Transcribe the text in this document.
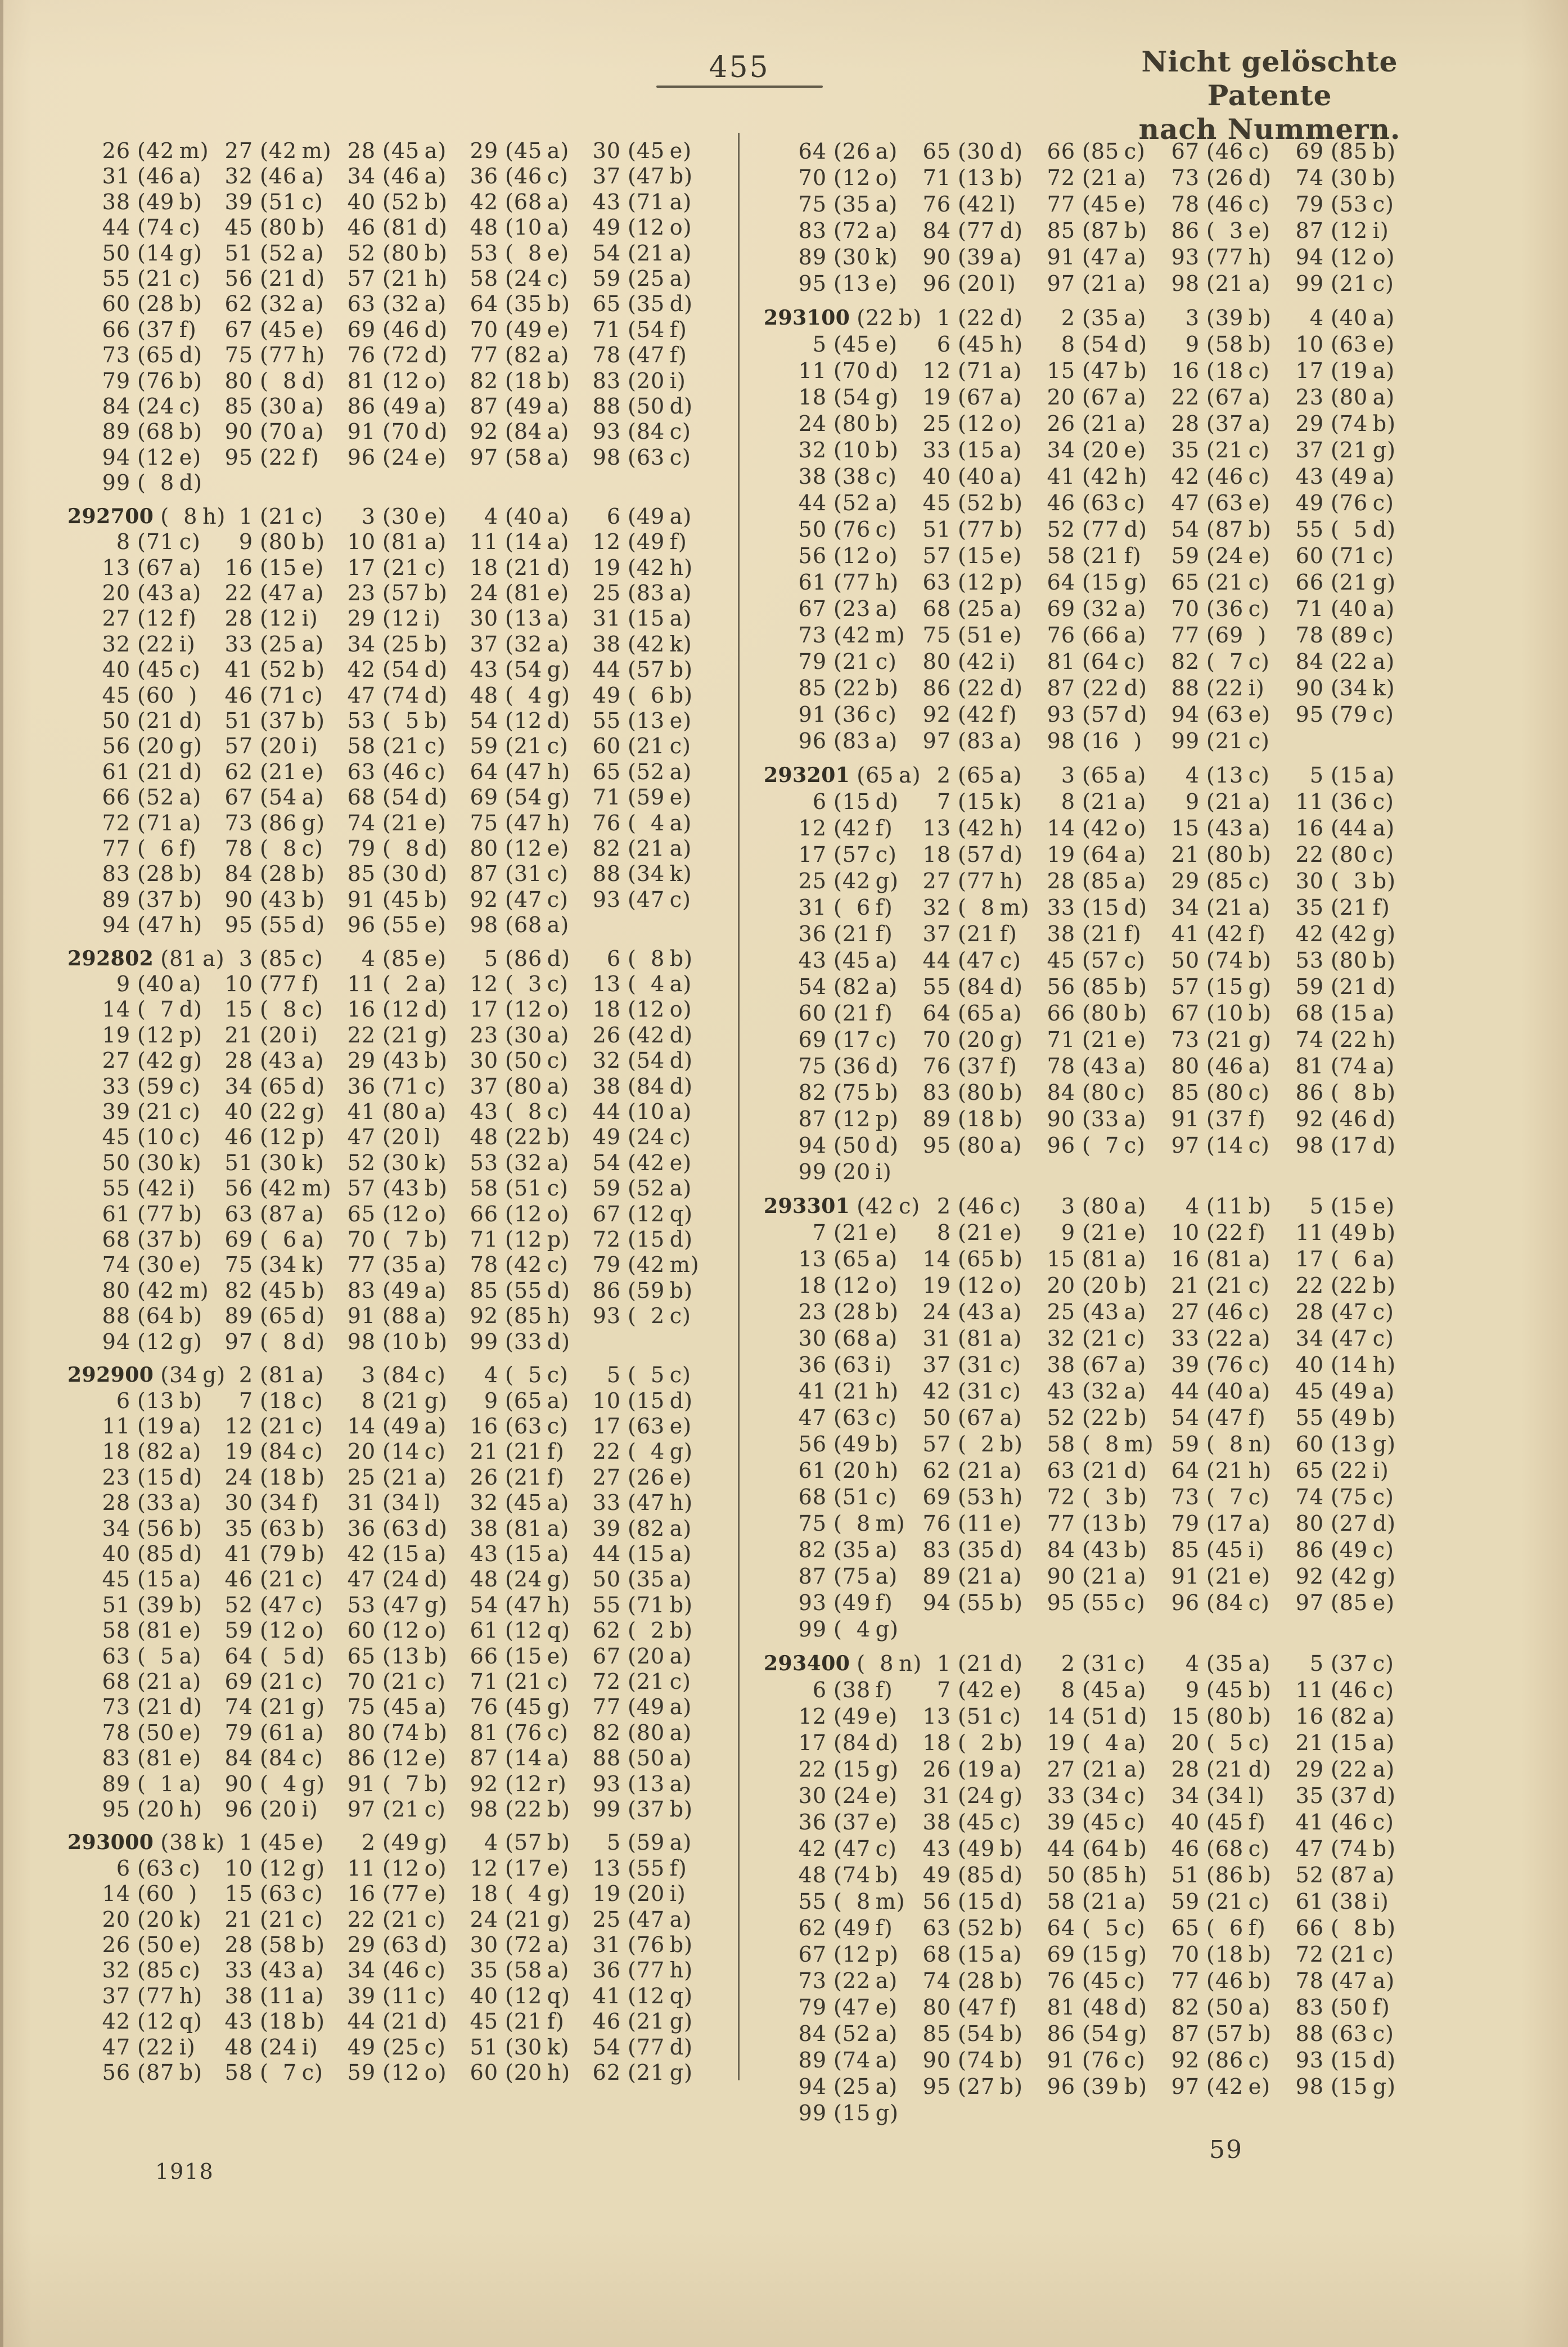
455	Nicht gelöschte Patente
nach Nummern.
26 (42 m) 27 (42 m) 28 (45 a) 29 (45 a) 30 (45 e)
31 (46 a) 32 (46 a) 34 (46 a) 36 (46 c) 37 (47 b)
38 (49 b) 39 (51 c) 40 (52 b) 42 (68 a) 43 (71 a)
44 (74 c) 45 (80 b) 46 (81 d) 48 (10 a) 49 (12 o)
50 (14 g) 51 (52 a) 52 (80 b) 53 ( 8 e) 54 (21 a)
55 (21 c) 56 (21 d) 57 (21 h) 58 (24 c) 59 (25 a)
60 (28 b) 62 (32 a) 63 (32 a) 64 (35 b) 65 (35 d)
66 (37 f) 67 (45 e) 69 (46 d) 70 (49 e) 71 (54 f)
73 (65 d) 75 (77 h) 76 (72 d) 77 (82 a) 78 (47 f)
79 (76 b) 80 ( 8 d) 81 (12 o) 82 (18 b) 83 (20 i)
84 (24 c) 85 (30 a) 86 (49 a) 87 (49 a) 88 (50 d)
89 (68 b) 90 (70 a) 91 (70 d) 92 (84 a) 93 (84 c)
94 (12 e) 95 (22 f) 96 (24 e) 97 (58 a) 98 (63 c)
99 ( 8 d)
292700 ( 8 h) 1 (21 c) 3 (30 e) 4 (40 a) 6 (49 a)
8 (71 c) 9 (80 b) 10 (81 a) 11 (14 a) 12 (49 f)
13 (67 a) 16 (15 e) 17 (21 c) 18 (21 d) 19 (42 h)
20 (43 a) 22 (47 a) 23 (57 b) 24 (81 e) 25 (83 a)
27 (12 f) 28 (12 i) 29 (12 i) 30 (13 a) 31 (15 a)
32 (22 i) 33 (25 a) 34 (25 b) 37 (32 a) 38 (42 k)
40 (45 c) 41 (52 b) 42 (54 d) 43 (54 g) 44 (57 b)
45 (60 ) 46 (71 c) 47 (74 d) 48 ( 4 g) 49 ( 6 b)
50 (21 d) 51 (37 b) 53 ( 5 b) 54 (12 d) 55 (13 e)
56 (20 g) 57 (20 i) 58 (21 c) 59 (21 c) 60 (21 c)
61 (21 d) 62 (21 e) 63 (46 c) 64 (47 h) 65 (52 a)
66 (52 a) 67 (54 a) 68 (54 d) 69 (54 g) 71 (59 e)
72 (71 a) 73 (86 g) 74 (21 e) 75 (47 h) 76 ( 4 a)
77 ( 6 f) 78 ( 8 c) 79 ( 8 d) 80 (12 e) 82 (21 a)
83 (28 b) 84 (28 b) 85 (30 d) 87 (31 c) 88 (34 k)
89 (37 b) 90 (43 b) 91 (45 b) 92 (47 c) 93 (47 c)
94 (47 h) 95 (55 d) 96 (55 e) 98 (68 a)
292802 (81 a) 3 (85 c) 4 (85 e) 5 (86 d) 6 ( 8 b)
9 (40 a) 10 (77 f) 11 ( 2 a) 12 ( 3 c) 13 ( 4 a)
14 ( 7 d) 15 ( 8 c) 16 (12 d) 17 (12 o) 18 (12 o)
19 (12 p) 21 (20 i) 22 (21 g) 23 (30 a) 26 (42 d)
27 (42 g) 28 (43 a) 29 (43 b) 30 (50 c) 32 (54 d)
33 (59 c) 34 (65 d) 36 (71 c) 37 (80 a) 38 (84 d)
39 (21 c) 40 (22 g) 41 (80 a) 43 ( 8 c) 44 (10 a)
45 (10 c) 46 (12 p) 47 (20 l) 48 (22 b) 49 (24 c)
50 (30 k) 51 (30 k) 52 (30 k) 53 (32 a) 54 (42 e)
55 (42 i) 56 (42 m) 57 (43 b) 58 (51 c) 59 (52 a)
61 (77 b) 63 (87 a) 65 (12 o) 66 (12 o) 67 (12 q)
68 (37 b) 69 ( 6 a) 70 ( 7 b) 71 (12 p) 72 (15 d)
74 (30 e) 75 (34 k) 77 (35 a) 78 (42 c) 79 (42 m)
80 (42 m) 82 (45 b) 83 (49 a) 85 (55 d) 86 (59 b)
88 (64 b) 89 (65 d) 91 (88 a) 92 (85 h) 93 ( 2 c)
94 (12 g) 97 ( 8 d) 98 (10 b) 99 (33 d)
292900 (34 g) 2 (81 a) 3 (84 c) 4 ( 5 c) 5 ( 5 c)
6 (13 b) 7 (18 c) 8 (21 g) 9 (65 a) 10 (15 d)
11 (19 a) 12 (21 c) 14 (49 a) 16 (63 c) 17 (63 e)
18 (82 a) 19 (84 c) 20 (14 c) 21 (21 f) 22 ( 4 g)
23 (15 d) 24 (18 b) 25 (21 a) 26 (21 f) 27 (26 e)
28 (33 a) 30 (34 f) 31 (34 l) 32 (45 a) 33 (47 h)
34 (56 b) 35 (63 b) 36 (63 d) 38 (81 a) 39 (82 a)
40 (85 d) 41 (79 b) 42 (15 a) 43 (15 a) 44 (15 a)
45 (15 a) 46 (21 c) 47 (24 d) 48 (24 g) 50 (35 a)
51 (39 b) 52 (47 c) 53 (47 g) 54 (47 h) 55 (71 b)
58 (81 e) 59 (12 o) 60 (12 o) 61 (12 q) 62 ( 2 b)
63 ( 5 a) 64 ( 5 d) 65 (13 b) 66 (15 e) 67 (20 a)
68 (21 a) 69 (21 c) 70 (21 c) 71 (21 c) 72 (21 c)
73 (21 d) 74 (21 g) 75 (45 a) 76 (45 g) 77 (49 a)
78 (50 e) 79 (61 a) 80 (74 b) 81 (76 c) 82 (80 a)
83 (81 e) 84 (84 c) 86 (12 e) 87 (14 a) 88 (50 a)
89 ( 1 a) 90 ( 4 g) 91 ( 7 b) 92 (12 r) 93 (13 a)
95 (20 h) 96 (20 i) 97 (21 c) 98 (22 b) 99 (37 b)
293000 (38 k) 1 (45 e) 2 (49 g) 4 (57 b) 5 (59 a)
6 (63 c) 10 (12 g) 11 (12 o) 12 (17 e) 13 (55 f)
14 (60 ) 15 (63 c) 16 (77 e) 18 ( 4 g) 19 (20 i)
20 (20 k) 21 (21 c) 22 (21 c) 24 (21 g) 25 (47 a)
26 (50 e) 28 (58 b) 29 (63 d) 30 (72 a) 31 (76 b)
32 (85 c) 33 (43 a) 34 (46 c) 35 (58 a) 36 (77 h)
37 (77 h) 38 (11 a) 39 (11 c) 40 (12 q) 41 (12 q)
42 (12 q) 43 (18 b) 44 (21 d) 45 (21 f) 46 (21 g)
47 (22 i) 48 (24 i) 49 (25 c) 51 (30 k) 54 (77 d)
56 (87 b) 58 ( 7 c) 59 (12 o) 60 (20 h) 62 (21 g)
64 (26 a) 65 (30 d) 66 (85 c) 67 (46 c) 69 (85 b)
70 (12 o) 71 (13 b) 72 (21 a) 73 (26 d) 74 (30 b)
75 (35 a) 76 (42 l) 77 (45 e) 78 (46 c) 79 (53 c)
83 (72 a) 84 (77 d) 85 (87 b) 86 ( 3 e) 87 (12 i)
89 (30 k) 90 (39 a) 91 (47 a) 93 (77 h) 94 (12 o)
95 (13 e) 96 (20 l) 97 (21 a) 98 (21 a) 99 (21 c)
293100 (22 b) 1 (22 d) 2 (35 a) 3 (39 b) 4 (40 a)
5 (45 e) 6 (45 h) 8 (54 d) 9 (58 b) 10 (63 e)
11 (70 d) 12 (71 a) 15 (47 b) 16 (18 c) 17 (19 a)
18 (54 g) 19 (67 a) 20 (67 a) 22 (67 a) 23 (80 a)
24 (80 b) 25 (12 o) 26 (21 a) 28 (37 a) 29 (74 b)
32 (10 b) 33 (15 a) 34 (20 e) 35 (21 c) 37 (21 g)
38 (38 c) 40 (40 a) 41 (42 h) 42 (46 c) 43 (49 a)
44 (52 a) 45 (52 b) 46 (63 c) 47 (63 e) 49 (76 c)
50 (76 c) 51 (77 b) 52 (77 d) 54 (87 b) 55 ( 5 d)
56 (12 o) 57 (15 e) 58 (21 f) 59 (24 e) 60 (71 c)
61 (77 h) 63 (12 p) 64 (15 g) 65 (21 c) 66 (21 g)
67 (23 a) 68 (25 a) 69 (32 a) 70 (36 c) 71 (40 a)
73 (42 m) 75 (51 e) 76 (66 a) 77 (69 ) 78 (89 c)
79 (21 c) 80 (42 i) 81 (64 c) 82 ( 7 c) 84 (22 a)
85 (22 b) 86 (22 d) 87 (22 d) 88 (22 i) 90 (34 k)
91 (36 c) 92 (42 f) 93 (57 d) 94 (63 e) 95 (79 c)
96 (83 a) 97 (83 a) 98 (16 ) 99 (21 c)
293201 (65 a) 2 (65 a) 3 (65 a) 4 (13 c) 5 (15 a)
6 (15 d) 7 (15 k) 8 (21 a) 9 (21 a) 11 (36 c)
12 (42 f) 13 (42 h) 14 (42 o) 15 (43 a) 16 (44 a)
17 (57 c) 18 (57 d) 19 (64 a) 21 (80 b) 22 (80 c)
25 (42 g) 27 (77 h) 28 (85 a) 29 (85 c) 30 ( 3 b)
31 ( 6 f) 32 ( 8 m) 33 (15 d) 34 (21 a) 35 (21 f)
36 (21 f) 37 (21 f) 38 (21 f) 41 (42 f) 42 (42 g)
43 (45 a) 44 (47 c) 45 (57 c) 50 (74 b) 53 (80 b)
54 (82 a) 55 (84 d) 56 (85 b) 57 (15 g) 59 (21 d)
60 (21 f) 64 (65 a) 66 (80 b) 67 (10 b) 68 (15 a)
69 (17 c) 70 (20 g) 71 (21 e) 73 (21 g) 74 (22 h)
75 (36 d) 76 (37 f) 78 (43 a) 80 (46 a) 81 (74 a)
82 (75 b) 83 (80 b) 84 (80 c) 85 (80 c) 86 ( 8 b)
87 (12 p) 89 (18 b) 90 (33 a) 91 (37 f) 92 (46 d)
94 (50 d) 95 (80 a) 96 ( 7 c) 97 (14 c) 98 (17 d)
99 (20 i)
293301 (42 c) 2 (46 c) 3 (80 a) 4 (11 b) 5 (15 e)
7 (21 e) 8 (21 e) 9 (21 e) 10 (22 f) 11 (49 b)
13 (65 a) 14 (65 b) 15 (81 a) 16 (81 a) 17 ( 6 a)
18 (12 o) 19 (12 o) 20 (20 b) 21 (21 c) 22 (22 b)
23 (28 b) 24 (43 a) 25 (43 a) 27 (46 c) 28 (47 c)
30 (68 a) 31 (81 a) 32 (21 c) 33 (22 a) 34 (47 c)
36 (63 i) 37 (31 c) 38 (67 a) 39 (76 c) 40 (14 h)
41 (21 h) 42 (31 c) 43 (32 a) 44 (40 a) 45 (49 a)
47 (63 c) 50 (67 a) 52 (22 b) 54 (47 f) 55 (49 b)
56 (49 b) 57 ( 2 b) 58 ( 8 m) 59 ( 8 n) 60 (13 g)
61 (20 h) 62 (21 a) 63 (21 d) 64 (21 h) 65 (22 i)
68 (51 c) 69 (53 h) 72 ( 3 b) 73 ( 7 c) 74 (75 c)
75 ( 8 m) 76 (11 e) 77 (13 b) 79 (17 a) 80 (27 d)
82 (35 a) 83 (35 d) 84 (43 b) 85 (45 i) 86 (49 c)
87 (75 a) 89 (21 a) 90 (21 a) 91 (21 e) 92 (42 g)
93 (49 f) 94 (55 b) 95 (55 c) 96 (84 c) 97 (85 e)
99 ( 4 g)
293400 ( 8 n) 1 (21 d) 2 (31 c) 4 (35 a) 5 (37 c)
6 (38 f) 7 (42 e) 8 (45 a) 9 (45 b) 11 (46 c)
12 (49 e) 13 (51 c) 14 (51 d) 15 (80 b) 16 (82 a)
17 (84 d) 18 ( 2 b) 19 ( 4 a) 20 ( 5 c) 21 (15 a)
22 (15 g) 26 (19 a) 27 (21 a) 28 (21 d) 29 (22 a)
30 (24 e) 31 (24 g) 33 (34 c) 34 (34 l) 35 (37 d)
36 (37 e) 38 (45 c) 39 (45 c) 40 (45 f) 41 (46 c)
42 (47 c) 43 (49 b) 44 (64 b) 46 (68 c) 47 (74 b)
48 (74 b) 49 (85 d) 50 (85 h) 51 (86 b) 52 (87 a)
55 ( 8 m) 56 (15 d) 58 (21 a) 59 (21 c) 61 (38 i)
62 (49 f) 63 (52 b) 64 ( 5 c) 65 ( 6 f) 66 ( 8 b)
67 (12 p) 68 (15 a) 69 (15 g) 70 (18 b) 72 (21 c)
73 (22 a) 74 (28 b) 76 (45 c) 77 (46 b) 78 (47 a)
79 (47 e) 80 (47 f) 81 (48 d) 82 (50 a) 83 (50 f)
84 (52 a) 85 (54 b) 86 (54 g) 87 (57 b) 88 (63 c)
89 (74 a) 90 (74 b) 91 (76 c) 92 (86 c) 93 (15 d)
94 (25 a) 95 (27 b) 96 (39 b) 97 (42 e) 98 (15 g)
99 (15 g)
1918
59
